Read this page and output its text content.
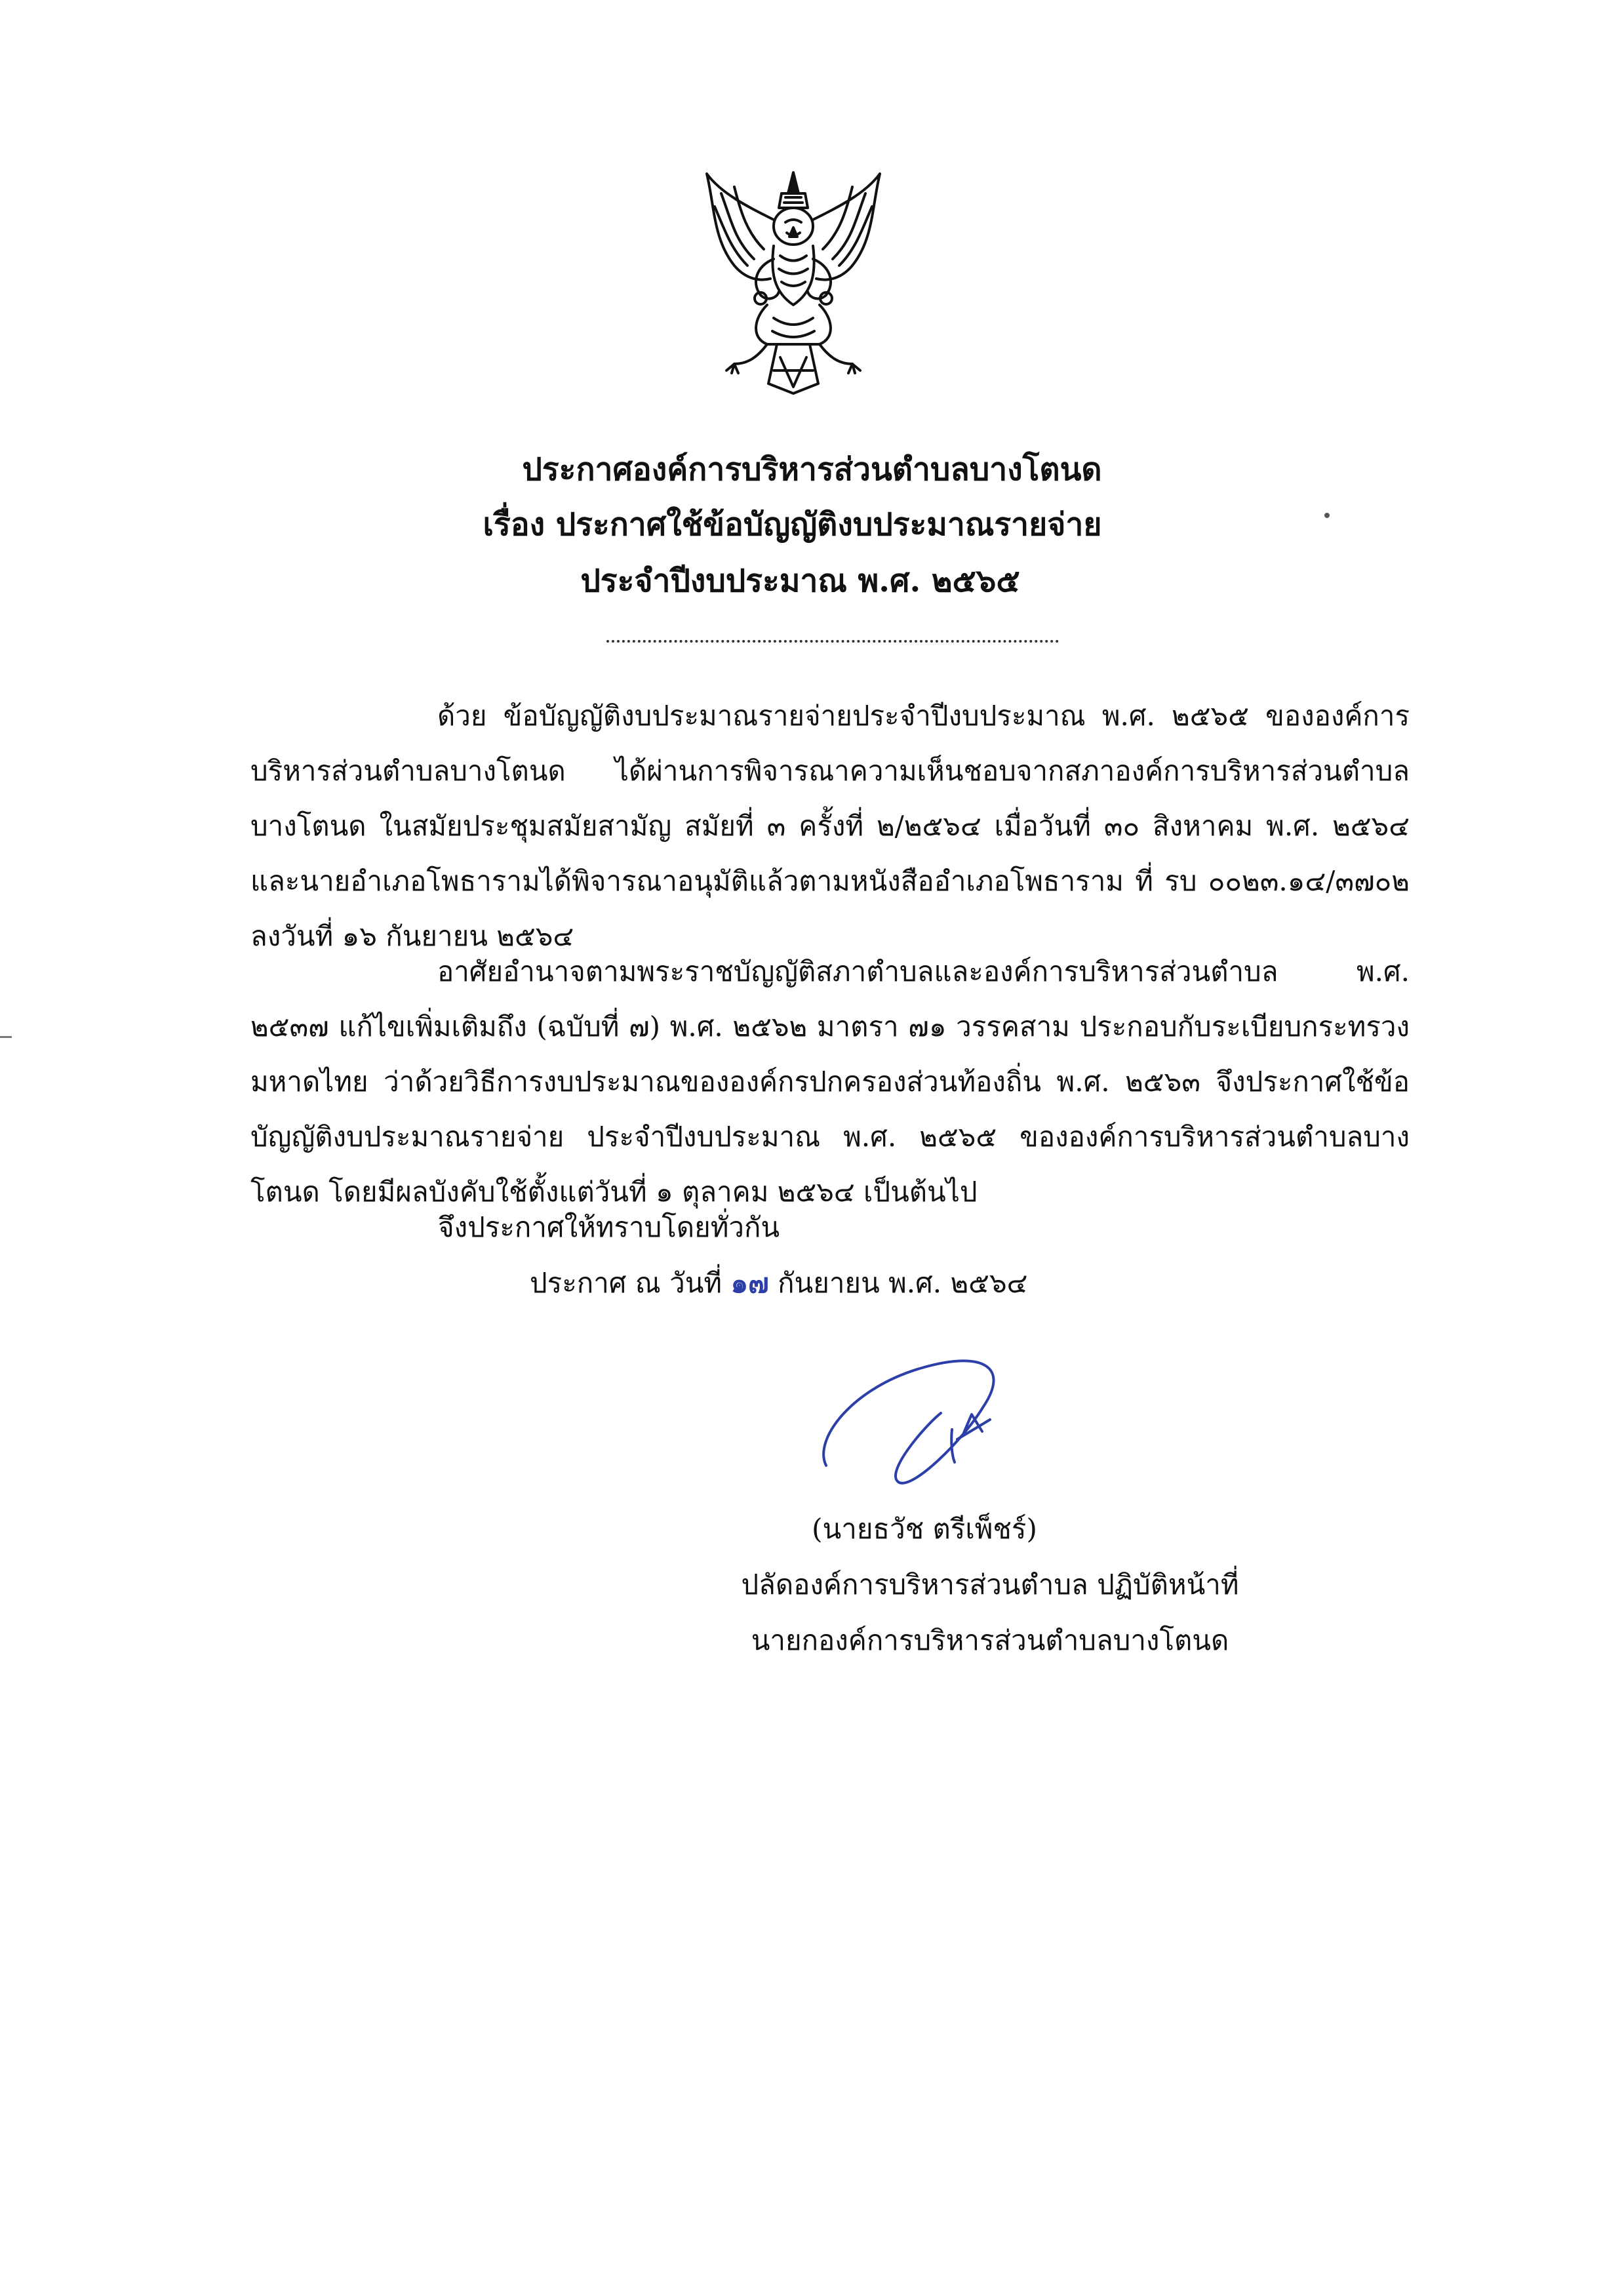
ประกาศองค์การบริหารส่วนตำบลบางโตนด
เรื่อง ประกาศใช้ข้อบัญญัติงบประมาณรายจ่าย
ประจำปีงบประมาณ พ.ศ. ๒๕๖๕
ด้วย ข้อบัญญัติงบประมาณรายจ่ายประจำปีงบประมาณ พ.ศ. ๒๕๖๕ ขององค์การบริหารส่วนตำบลบางโตนด ได้ผ่านการพิจารณาความเห็นชอบจากสภาองค์การบริหารส่วนตำบลบางโตนด ในสมัยประชุมสมัยสามัญ สมัยที่ ๓ ครั้งที่ ๒/๒๕๖๔ เมื่อวันที่ ๓๐ สิงหาคม พ.ศ. ๒๕๖๔ และนายอำเภอโพธารามได้พิจารณาอนุมัติแล้วตามหนังสืออำเภอโพธาราม ที่ รบ ๐๐๒๓.๑๔/๓๗๐๒ ลงวันที่ ๑๖ กันยายน ๒๕๖๔
อาศัยอำนาจตามพระราชบัญญัติสภาตำบลและองค์การบริหารส่วนตำบล พ.ศ. ๒๕๓๗ แก้ไขเพิ่มเติมถึง (ฉบับที่ ๗) พ.ศ. ๒๕๖๒ มาตรา ๗๑ วรรคสาม ประกอบกับระเบียบกระทรวงมหาดไทย ว่าด้วยวิธีการงบประมาณขององค์กรปกครองส่วนท้องถิ่น พ.ศ. ๒๕๖๓ จึงประกาศใช้ข้อบัญญัติงบประมาณรายจ่าย ประจำปีงบประมาณ พ.ศ. ๒๕๖๕ ขององค์การบริหารส่วนตำบลบางโตนด โดยมีผลบังคับใช้ตั้งแต่วันที่ ๑ ตุลาคม ๒๕๖๔ เป็นต้นไป
จึงประกาศให้ทราบโดยทั่วกัน
ประกาศ ณ วันที่ ๑๗ กันยายน พ.ศ. ๒๕๖๔
(นายธวัช ตรีเพ็ชร์)
ปลัดองค์การบริหารส่วนตำบล ปฏิบัติหน้าที่
นายกองค์การบริหารส่วนตำบลบางโตนด
